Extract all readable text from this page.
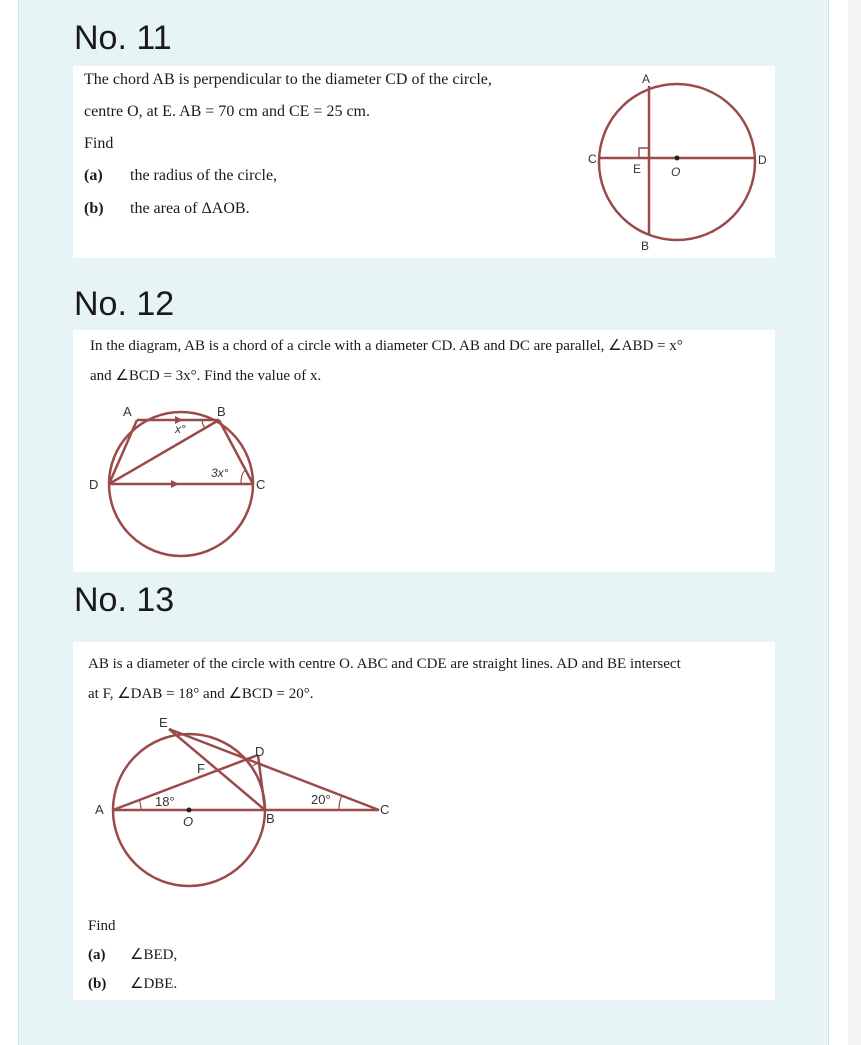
No. 11
The chord AB is perpendicular to the diameter CD of the circle,
centre O, at E. AB = 70 cm and CE = 25 cm.
Find
(a) the radius of the circle,
(b) the area of ΔAOB.
A
B
C	D
E O
No. 12
In the diagram, AB is a chord of a circle with a diameter CD. AB and DC are parallel, ∠ABD = x°
and ∠BCD = 3x°. Find the value of x.
A	B
C
D
x°
3x°
No. 13
AB is a diameter of the circle with centre O. ABC and CDE are straight lines. AD and BE intersect
at F, ∠DAB = 18° and ∠BCD = 20°.
A
B
C
D
E
F
O
18°	20°
Find
(a) ∠BED,
(b) ∠DBE.
